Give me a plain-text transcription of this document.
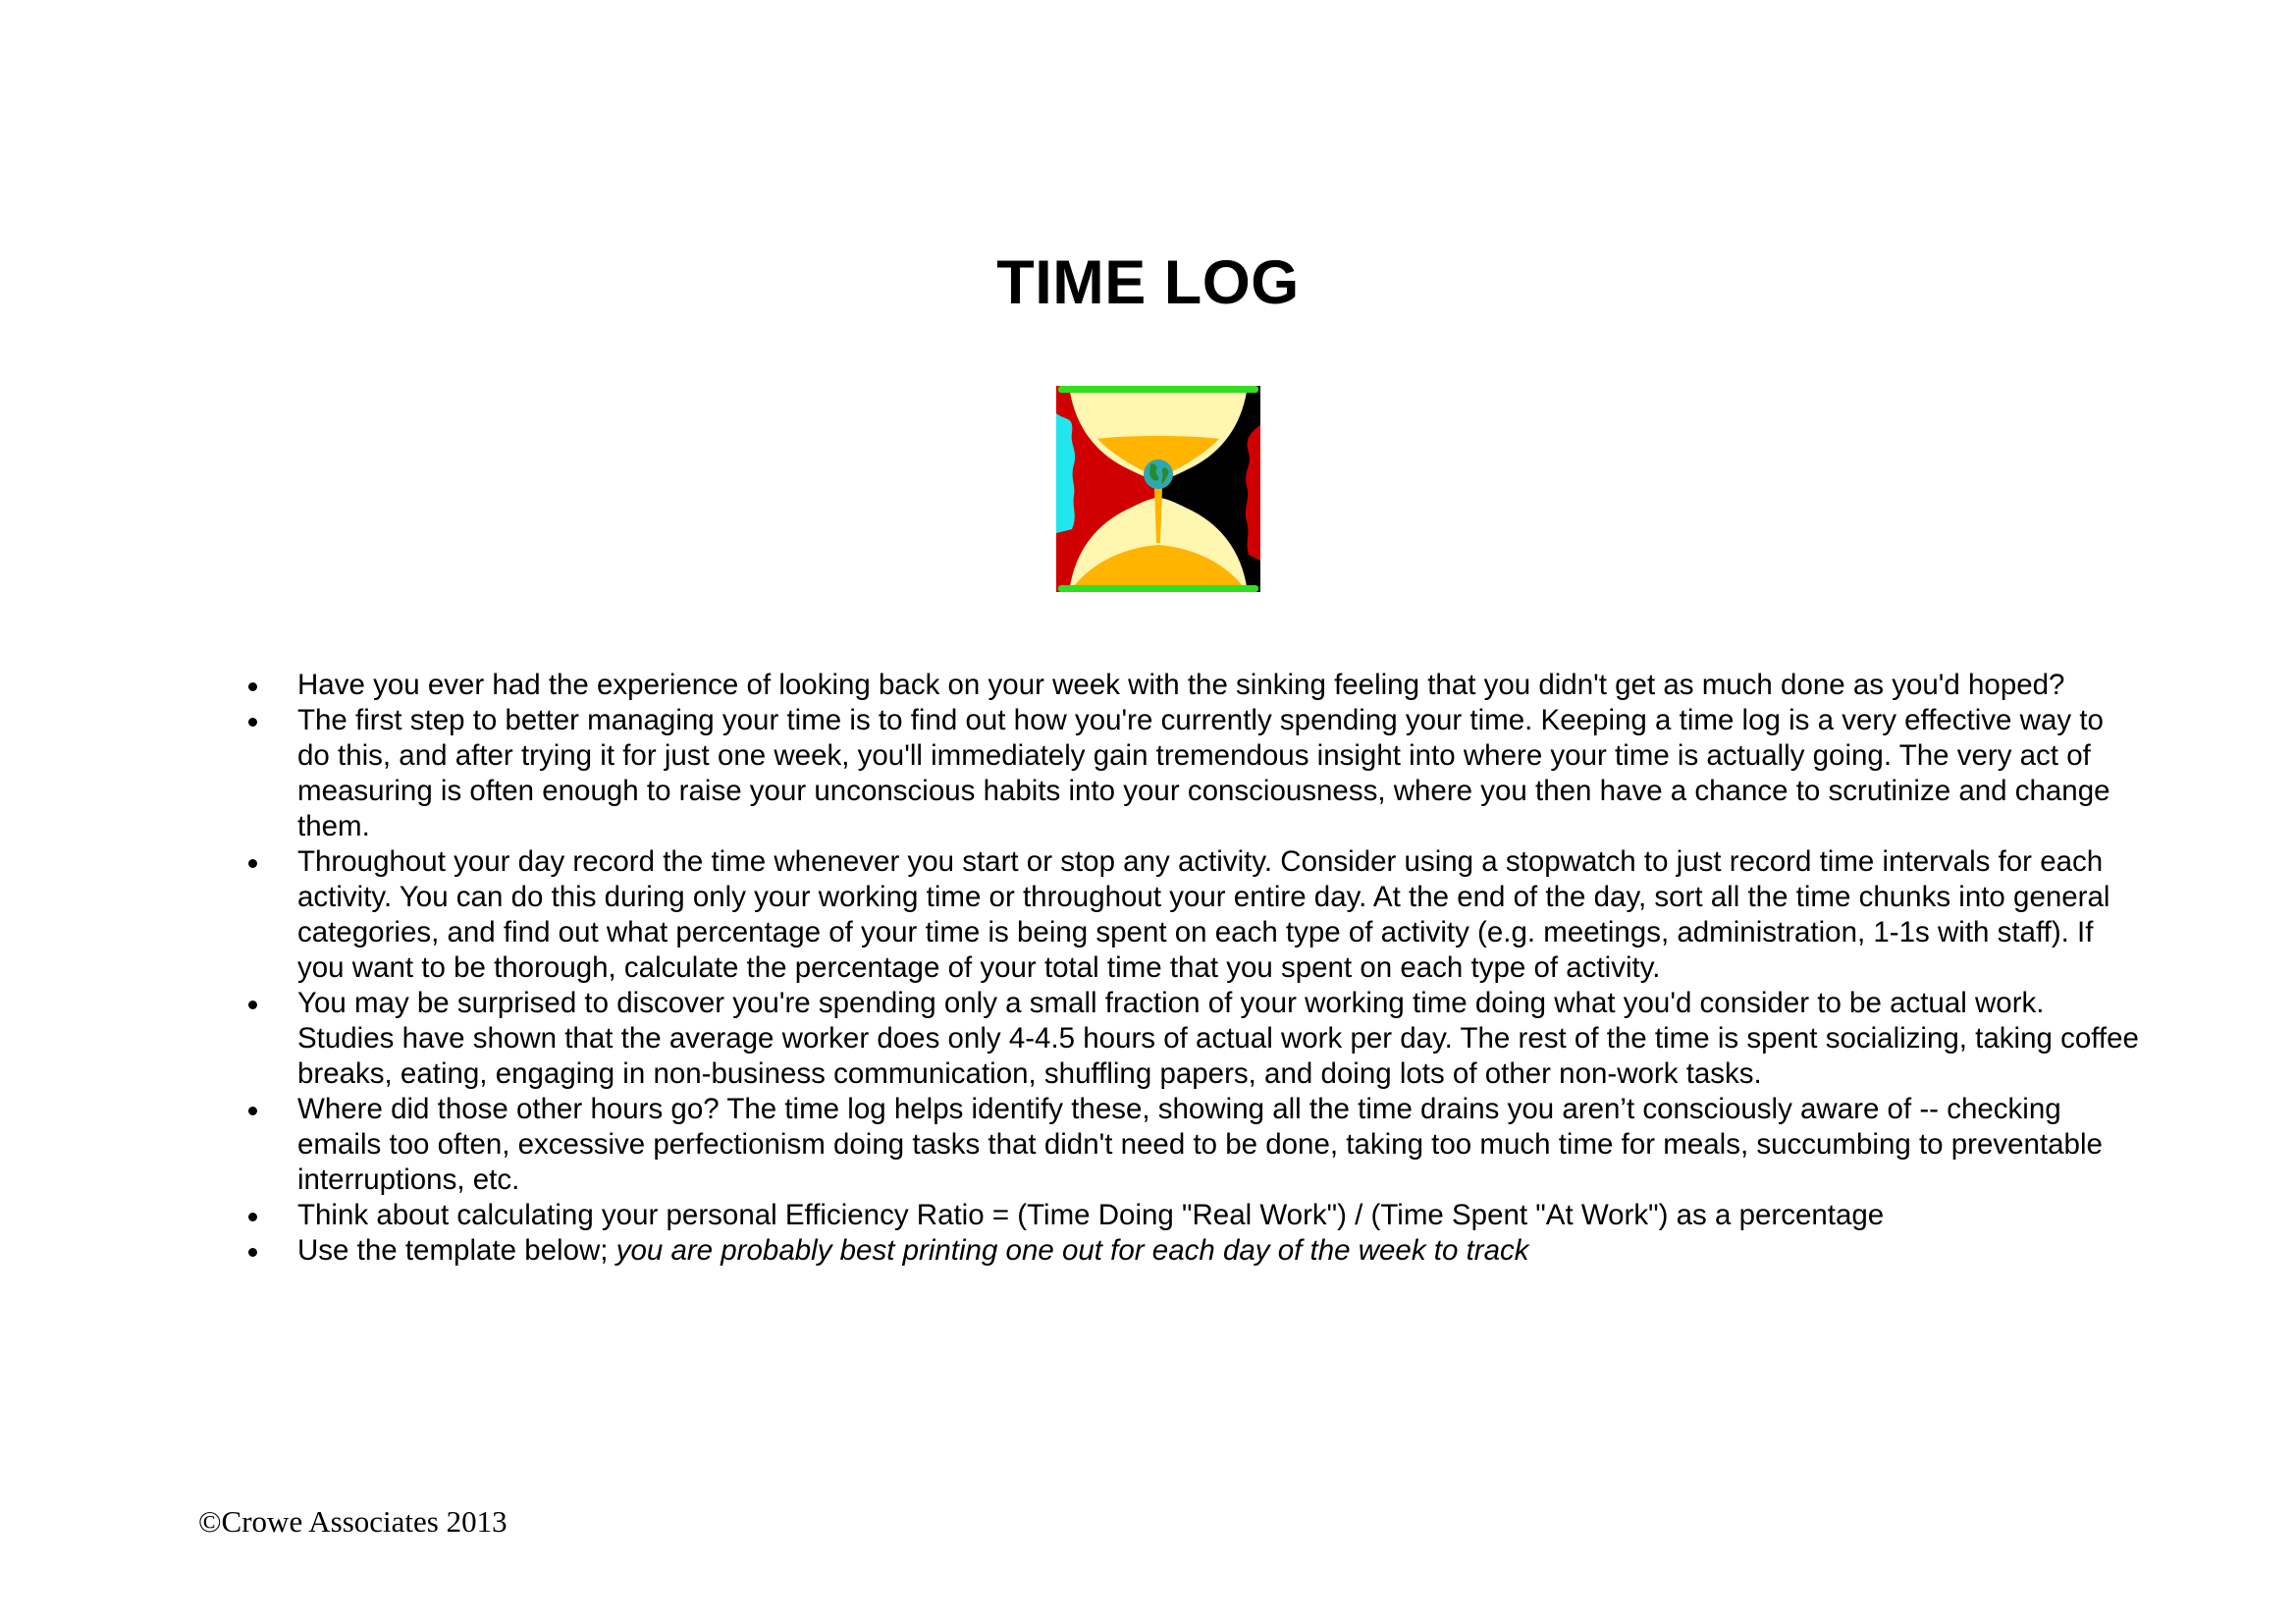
TIME LOG
Have you ever had the experience of looking back on your week with the sinking feeling that you didn't get as much done as you'd hoped?
The first step to better managing your time is to find out how you're currently spending your time. Keeping a time log is a very effective way to do this, and after trying it for just one week, you'll immediately gain tremendous insight into where your time is actually going. The very act of measuring is often enough to raise your unconscious habits into your consciousness, where you then have a chance to scrutinize and change them.
Throughout your day record the time whenever you start or stop any activity. Consider using a stopwatch to just record time intervals for each activity. You can do this during only your working time or throughout your entire day. At the end of the day, sort all the time chunks into general categories, and find out what percentage of your time is being spent on each type of activity (e.g. meetings, administration, 1-1s with staff). If you want to be thorough, calculate the percentage of your total time that you spent on each type of activity.
You may be surprised to discover you're spending only a small fraction of your working time doing what you'd consider to be actual work. Studies have shown that the average worker does only 4-4.5 hours of actual work per day. The rest of the time is spent socializing, taking coffee breaks, eating, engaging in non-business communication, shuffling papers, and doing lots of other non-work tasks.
Where did those other hours go? The time log helps identify these, showing all the time drains you aren’t consciously aware of -- checking emails too often, excessive perfectionism doing tasks that didn't need to be done, taking too much time for meals, succumbing to preventable interruptions, etc.
Think about calculating your personal Efficiency Ratio = (Time Doing "Real Work") / (Time Spent "At Work") as a percentage
Use the template below; you are probably best printing one out for each day of the week to track

©Crowe Associates 2013
